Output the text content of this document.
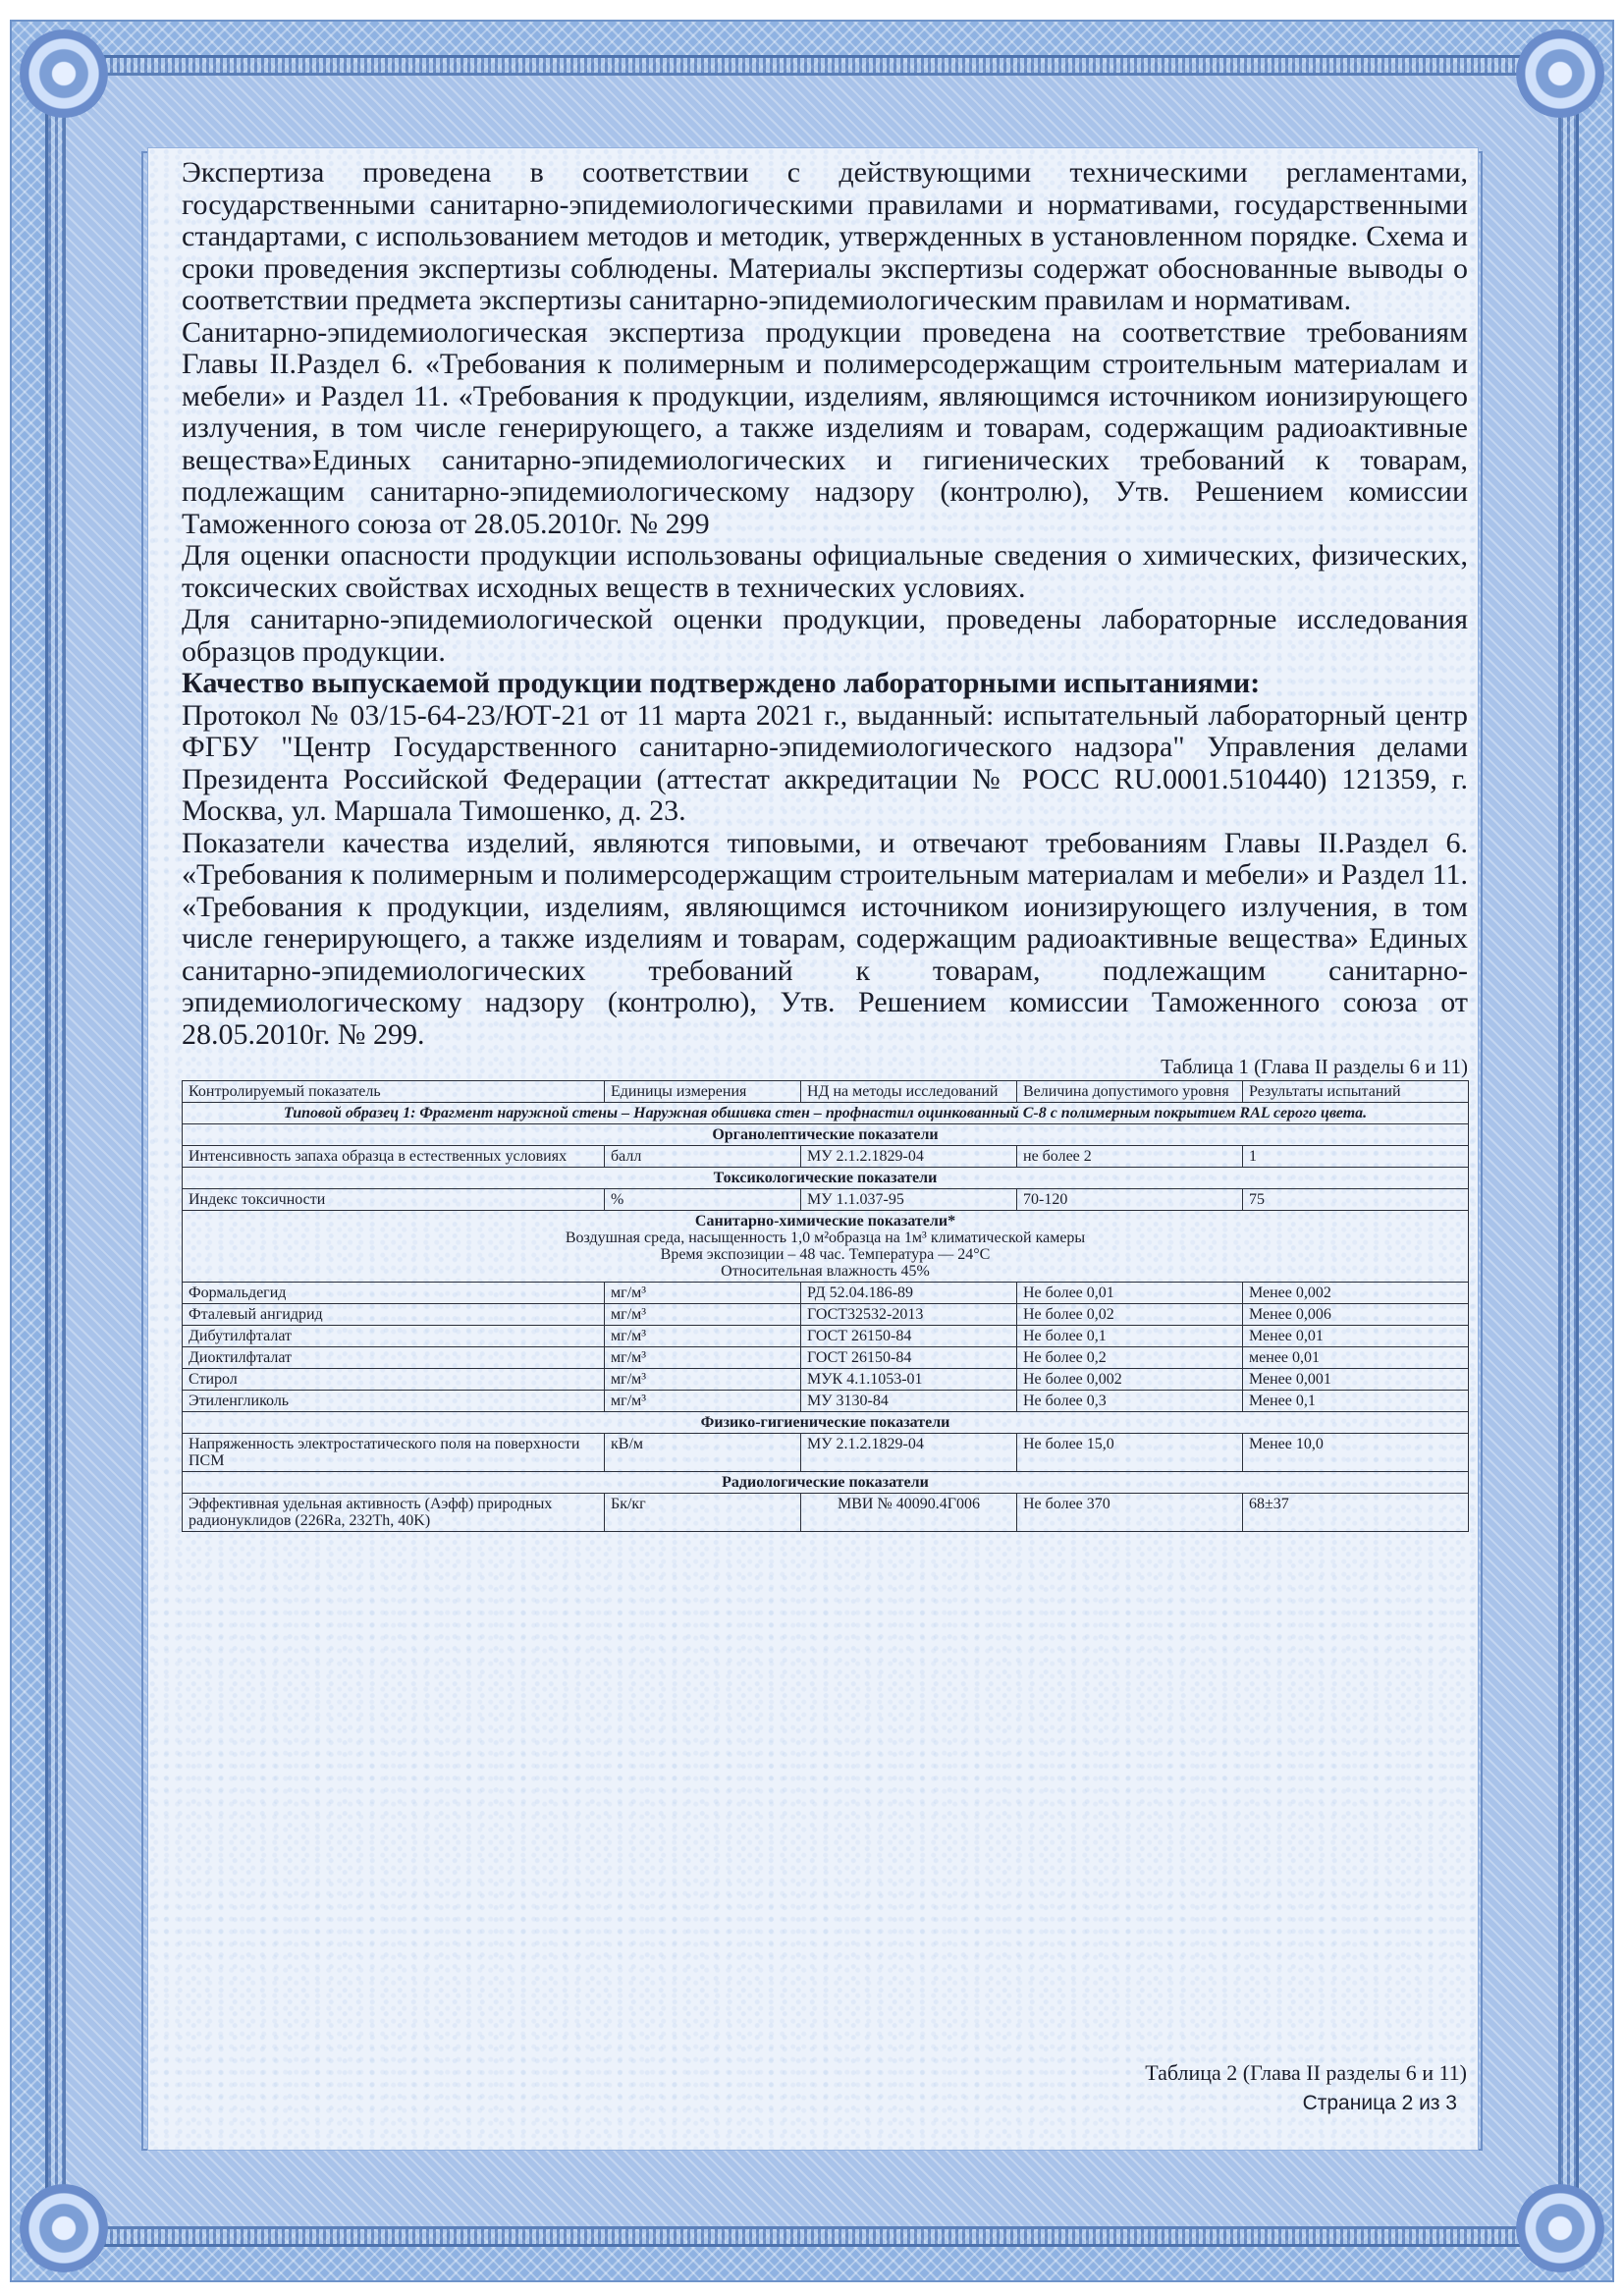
Экспертиза проведена в соответствии с действующими техническими регламентами, государственными санитарно-эпидемиологическими правилами и нормативами, государственными стандартами, с использованием методов и методик, утвержденных в установленном порядке. Схема и сроки проведения экспертизы соблюдены. Материалы экспертизы содержат обоснованные выводы о соответствии предмета экспертизы санитарно-эпидемиологическим правилам и нормативам.

Санитарно-эпидемиологическая экспертиза продукции проведена на соответствие требованиям Главы II.Раздел 6. «Требования к полимерным и полимерсодержащим строительным материалам и мебели» и Раздел 11. «Требования к продукции, изделиям, являющимся источником ионизирующего излучения, в том числе генерирующего, а также изделиям и товарам, содержащим радиоактивные вещества»Единых санитарно-эпидемиологических и гигиенических требований к товарам, подлежащим санитарно-эпидемиологическому надзору (контролю), Утв. Решением комиссии Таможенного союза от 28.05.2010г. № 299

Для оценки опасности продукции использованы официальные сведения о химических, физических, токсических свойствах исходных веществ в технических условиях.

Для санитарно-эпидемиологической оценки продукции, проведены лабораторные исследования образцов продукции.

Качество выпускаемой продукции подтверждено лабораторными испытаниями:

Протокол № 03/15-64-23/ЮТ-21 от 11 марта 2021 г., выданный: испытательный лабораторный центр ФГБУ "Центр Государственного санитарно-эпидемиологического надзора" Управления делами Президента Российской Федерации (аттестат аккредитации № РОСС RU.0001.510440) 121359, г. Москва, ул. Маршала Тимошенко, д. 23.

Показатели качества изделий, являются типовыми, и отвечают требованиям Главы II.Раздел 6. «Требования к полимерным и полимерсодержащим строительным материалам и мебели» и Раздел 11. «Требования к продукции, изделиям, являющимся источником ионизирующего излучения, в том числе генерирующего, а также изделиям и товарам, содержащим радиоактивные вещества» Единых санитарно-эпидемиологических требований к товарам, подлежащим санитарно-эпидемиологическому надзору (контролю), Утв. Решением комиссии Таможенного союза от 28.05.2010г. № 299.

Таблица 1 (Глава II разделы 6 и 11)
Контролируемый показатель	Единицы измерения	НД на методы исследований	Величина допустимого уровня	Результаты испытаний
Типовой образец 1: Фрагмент наружной стены – Наружная обшивка стен – профнастил оцинкованный С-8 с полимерным покрытием RAL серого цвета.				
Органолептические показатели				
Интенсивность запаха образца в естественных условиях	балл	МУ 2.1.2.1829-04	не более 2	1
Токсикологические показатели				
Индекс токсичности	%	МУ 1.1.037-95	70-120	75

Санитарно-химические показатели*
Воздушная среда, насыщенность 1,0 м²образца на 1м³ климатической камеры
Время экспозиции – 48 час. Температура — 24°С
Относительная влажность 45%				

Формальдегид	мг/м³	РД 52.04.186-89	Не более 0,01	Менее 0,002
Фталевый ангидрид	мг/м³	ГОСТ32532-2013	Не более 0,02	Менее 0,006
Дибутилфталат	мг/м³	ГОСТ 26150-84	Не более 0,1	Менее 0,01
Диоктилфталат	мг/м³	ГОСТ 26150-84	Не более 0,2	менее 0,01
Стирол	мг/м³	МУК 4.1.1053-01	Не более 0,002	Менее 0,001
Этиленгликоль	мг/м³	МУ 3130-84	Не более 0,3	Менее 0,1
Физико-гигиенические показатели				
Напряженность электростатического поля на поверхности ПСМ	кВ/м	МУ 2.1.2.1829-04	Не более 15,0	Менее 10,0
Радиологические показатели				
Эффективная удельная активность (Аэфф) природных радионуклидов (226Ra, 232Th, 40K)	Бк/кг	МВИ № 40090.4Г006	Не более 370	68±37
Таблица 2 (Глава II разделы 6 и 11)
Страница 2 из 3
